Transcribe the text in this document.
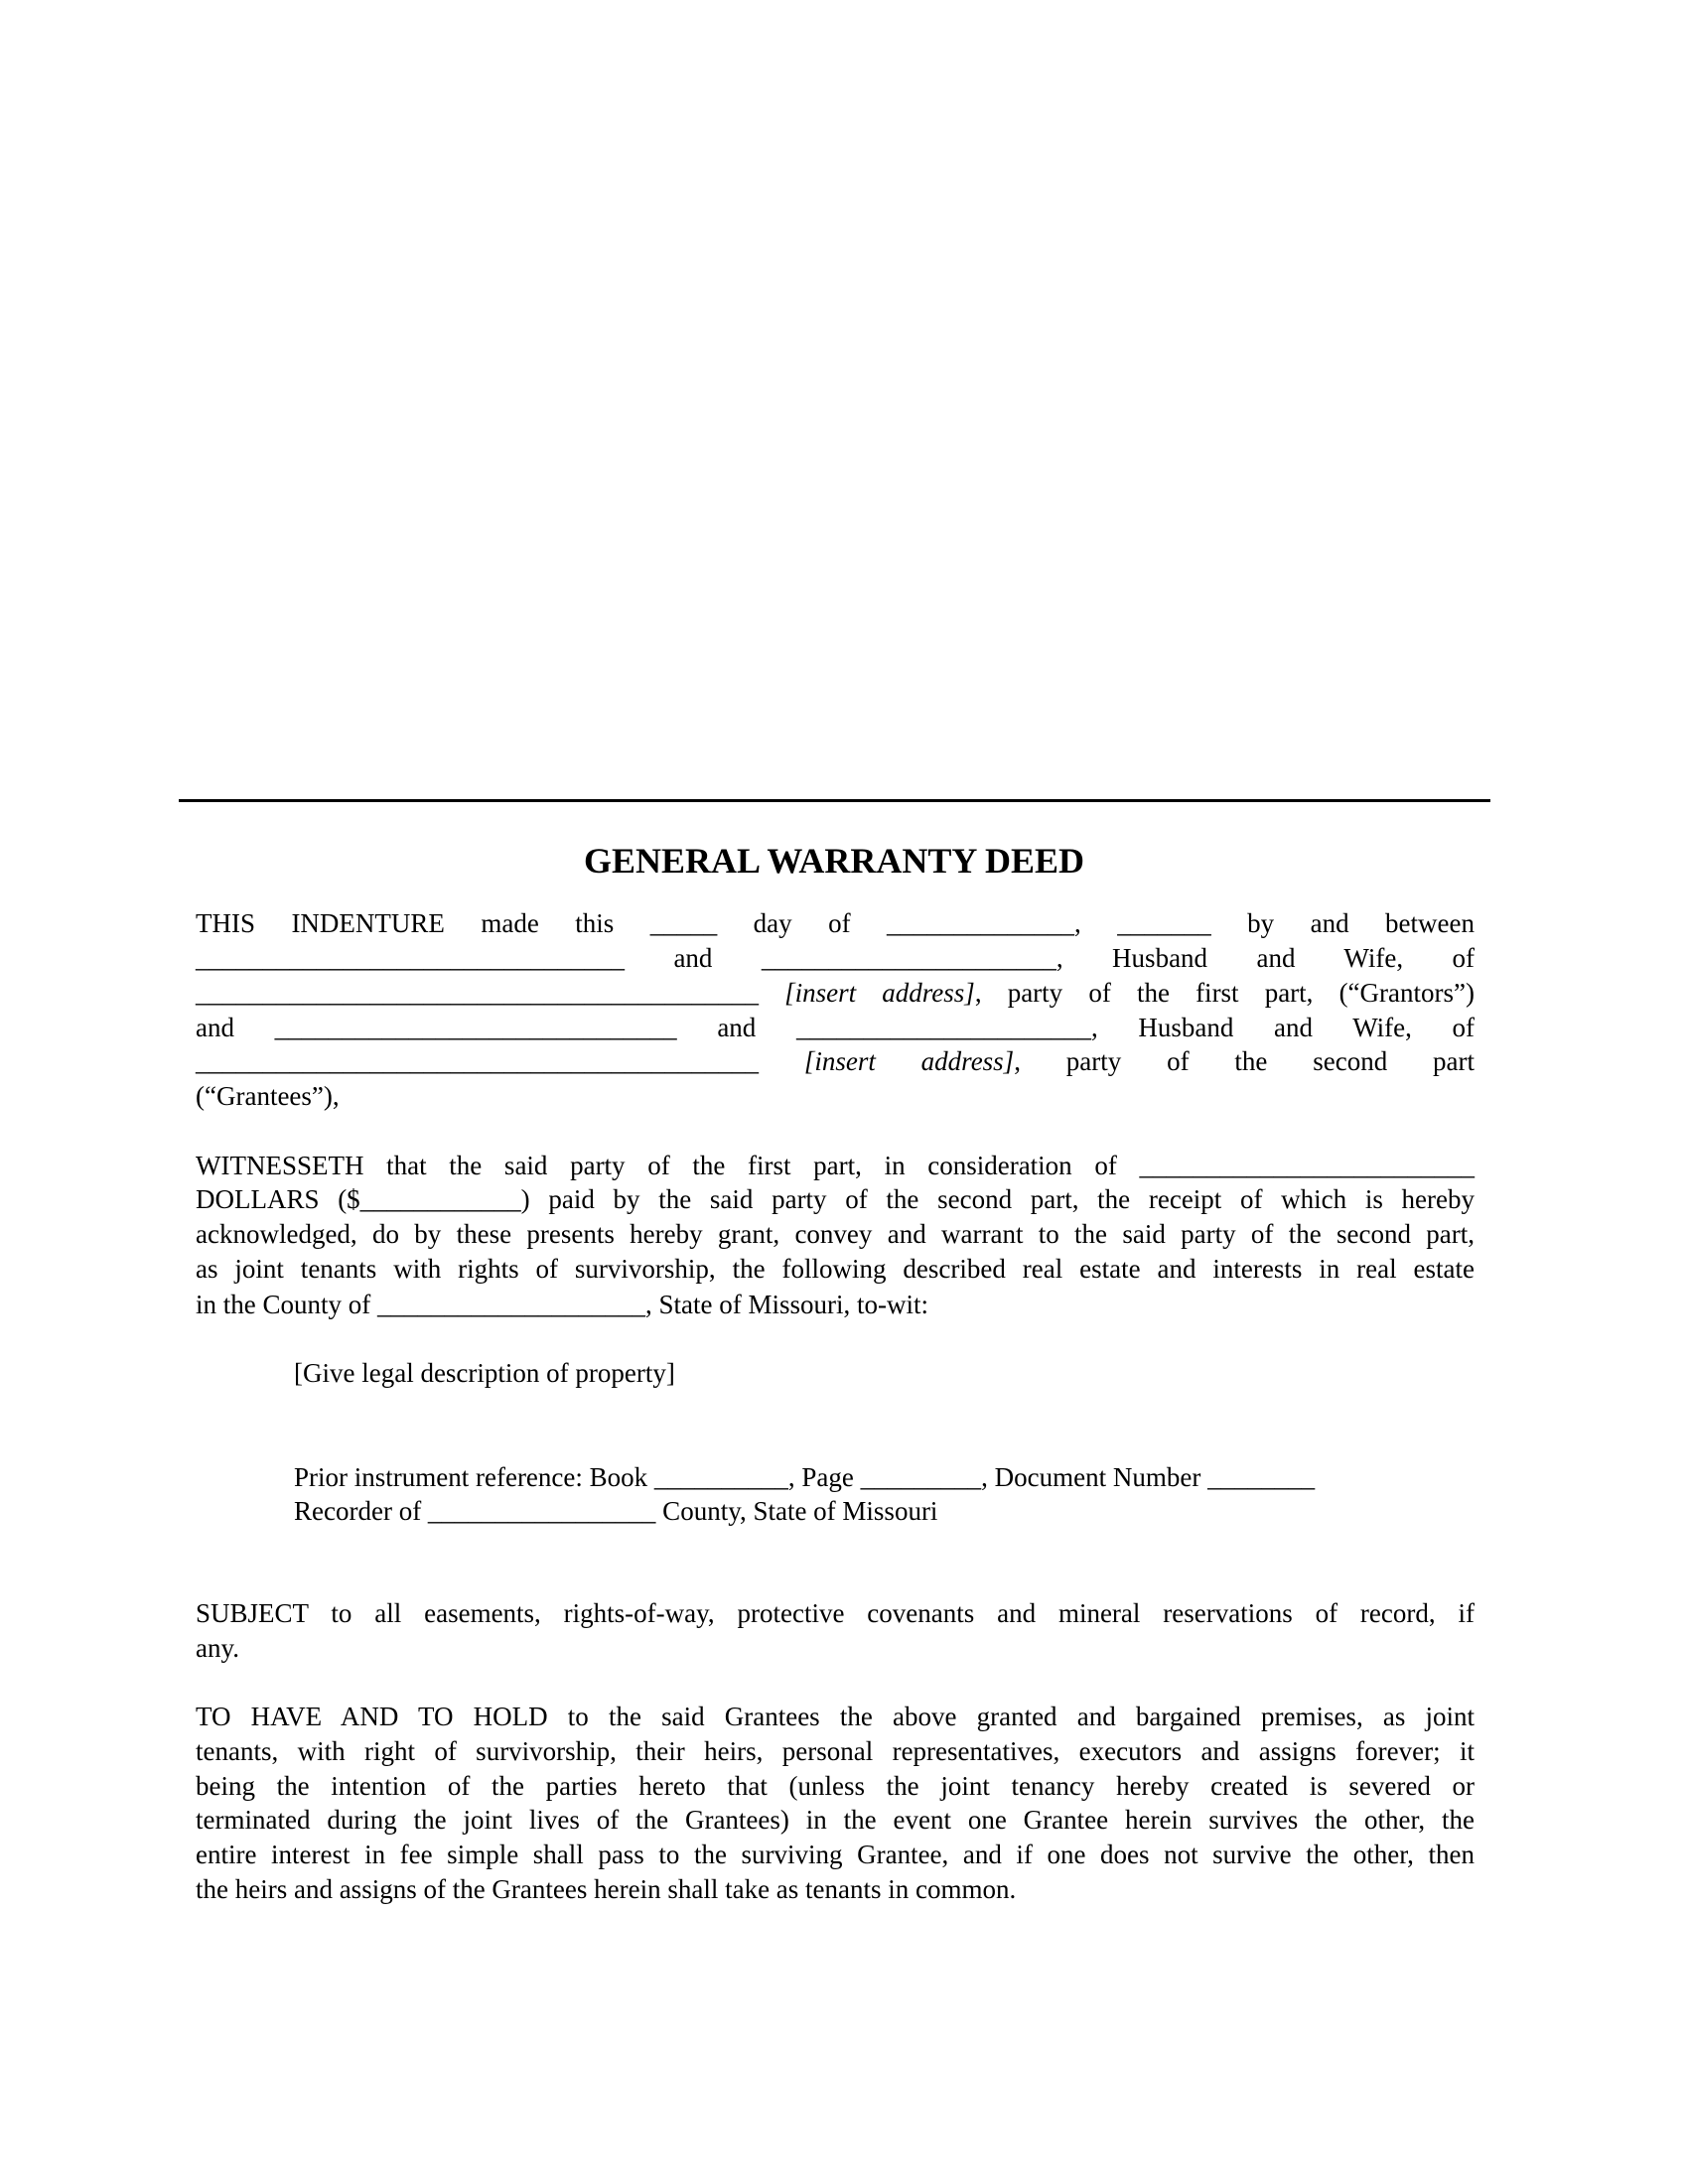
GENERAL WARRANTY DEED
THIS INDENTURE made this _____ day of ______________, _______ by and between
________________________________ and ______________________, Husband and Wife, of
__________________________________________ [insert address], party of the first part, (“Grantors”)
and ______________________________ and ______________________, Husband and Wife, of
__________________________________________ [insert address], party of the second part
(“Grantees”),
WITNESSETH that the said party of the first part, in consideration of _________________________
DOLLARS ($____________) paid by the said party of the second part, the receipt of which is hereby
acknowledged, do by these presents hereby grant, convey and warrant to the said party of the second part,
as joint tenants with rights of survivorship, the following described real estate and interests in real estate
in the County of ____________________, State of Missouri, to-wit:
[Give legal description of property]
Prior instrument reference: Book __________, Page _________, Document Number ________
Recorder of _________________ County, State of Missouri
SUBJECT to all easements, rights-of-way, protective covenants and mineral reservations of record, if
any.
TO HAVE AND TO HOLD to the said Grantees the above granted and bargained premises, as joint
tenants, with right of survivorship, their heirs, personal representatives, executors and assigns forever; it
being the intention of the parties hereto that (unless the joint tenancy hereby created is severed or
terminated during the joint lives of the Grantees) in the event one Grantee herein survives the other, the
entire interest in fee simple shall pass to the surviving Grantee, and if one does not survive the other, then
the heirs and assigns of the Grantees herein shall take as tenants in common.
